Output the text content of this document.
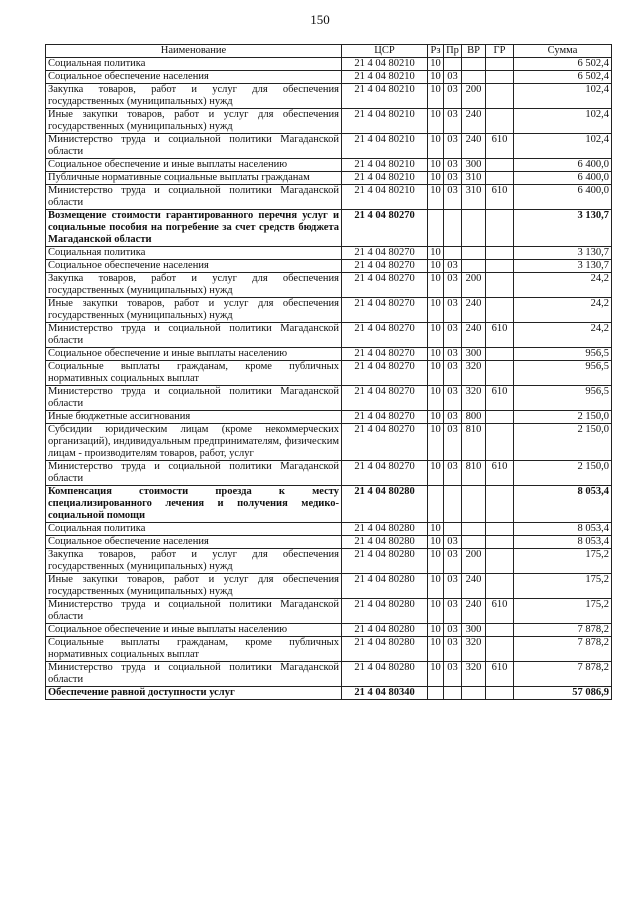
150
Наименование	ЦСР	Рз	Пр	ВР	ГР	Сумма
Социальная политика	21 4 04 80210	10				6 502,4
Социальное обеспечение населения	21 4 04 80210	10	03			6 502,4
Закупка товаров, работ и услуг для обеспечения государственных (муниципальных) нужд	21 4 04 80210	10	03	200		102,4
Иные закупки товаров, работ и услуг для обеспечения государственных (муниципальных) нужд	21 4 04 80210	10	03	240		102,4
Министерство труда и социальной политики Магаданской области	21 4 04 80210	10	03	240	610	102,4
Социальное обеспечение и иные выплаты населению	21 4 04 80210	10	03	300		6 400,0
Публичные нормативные социальные выплаты гражданам	21 4 04 80210	10	03	310		6 400,0
Министерство труда и социальной политики Магаданской области	21 4 04 80210	10	03	310	610	6 400,0
Возмещение стоимости гарантированного перечня услуг и социальные пособия на погребение за счет средств бюджета Магаданской области	21 4 04 80270					3 130,7
Социальная политика	21 4 04 80270	10				3 130,7
Социальное обеспечение населения	21 4 04 80270	10	03			3 130,7
Закупка товаров, работ и услуг для обеспечения государственных (муниципальных) нужд	21 4 04 80270	10	03	200		24,2
Иные закупки товаров, работ и услуг для обеспечения государственных (муниципальных) нужд	21 4 04 80270	10	03	240		24,2
Министерство труда и социальной политики Магаданской области	21 4 04 80270	10	03	240	610	24,2
Социальное обеспечение и иные выплаты населению	21 4 04 80270	10	03	300		956,5
Социальные выплаты гражданам, кроме публичных нормативных социальных выплат	21 4 04 80270	10	03	320		956,5
Министерство труда и социальной политики Магаданской области	21 4 04 80270	10	03	320	610	956,5
Иные бюджетные ассигнования	21 4 04 80270	10	03	800		2 150,0
Субсидии юридическим лицам (кроме некоммерческих организаций), индивидуальным предпринимателям, физическим лицам - производителям товаров, работ, услуг	21 4 04 80270	10	03	810		2 150,0
Министерство труда и социальной политики Магаданской области	21 4 04 80270	10	03	810	610	2 150,0
Компенсация стоимости проезда к месту специализированного лечения и получения медико-социальной помощи	21 4 04 80280					8 053,4
Социальная политика	21 4 04 80280	10				8 053,4
Социальное обеспечение населения	21 4 04 80280	10	03			8 053,4
Закупка товаров, работ и услуг для обеспечения государственных (муниципальных) нужд	21 4 04 80280	10	03	200		175,2
Иные закупки товаров, работ и услуг для обеспечения государственных (муниципальных) нужд	21 4 04 80280	10	03	240		175,2
Министерство труда и социальной политики Магаданской области	21 4 04 80280	10	03	240	610	175,2
Социальное обеспечение и иные выплаты населению	21 4 04 80280	10	03	300		7 878,2
Социальные выплаты гражданам, кроме публичных нормативных социальных выплат	21 4 04 80280	10	03	320		7 878,2
Министерство труда и социальной политики Магаданской области	21 4 04 80280	10	03	320	610	7 878,2
Обеспечение равной доступности услуг	21 4 04 80340					57 086,9
